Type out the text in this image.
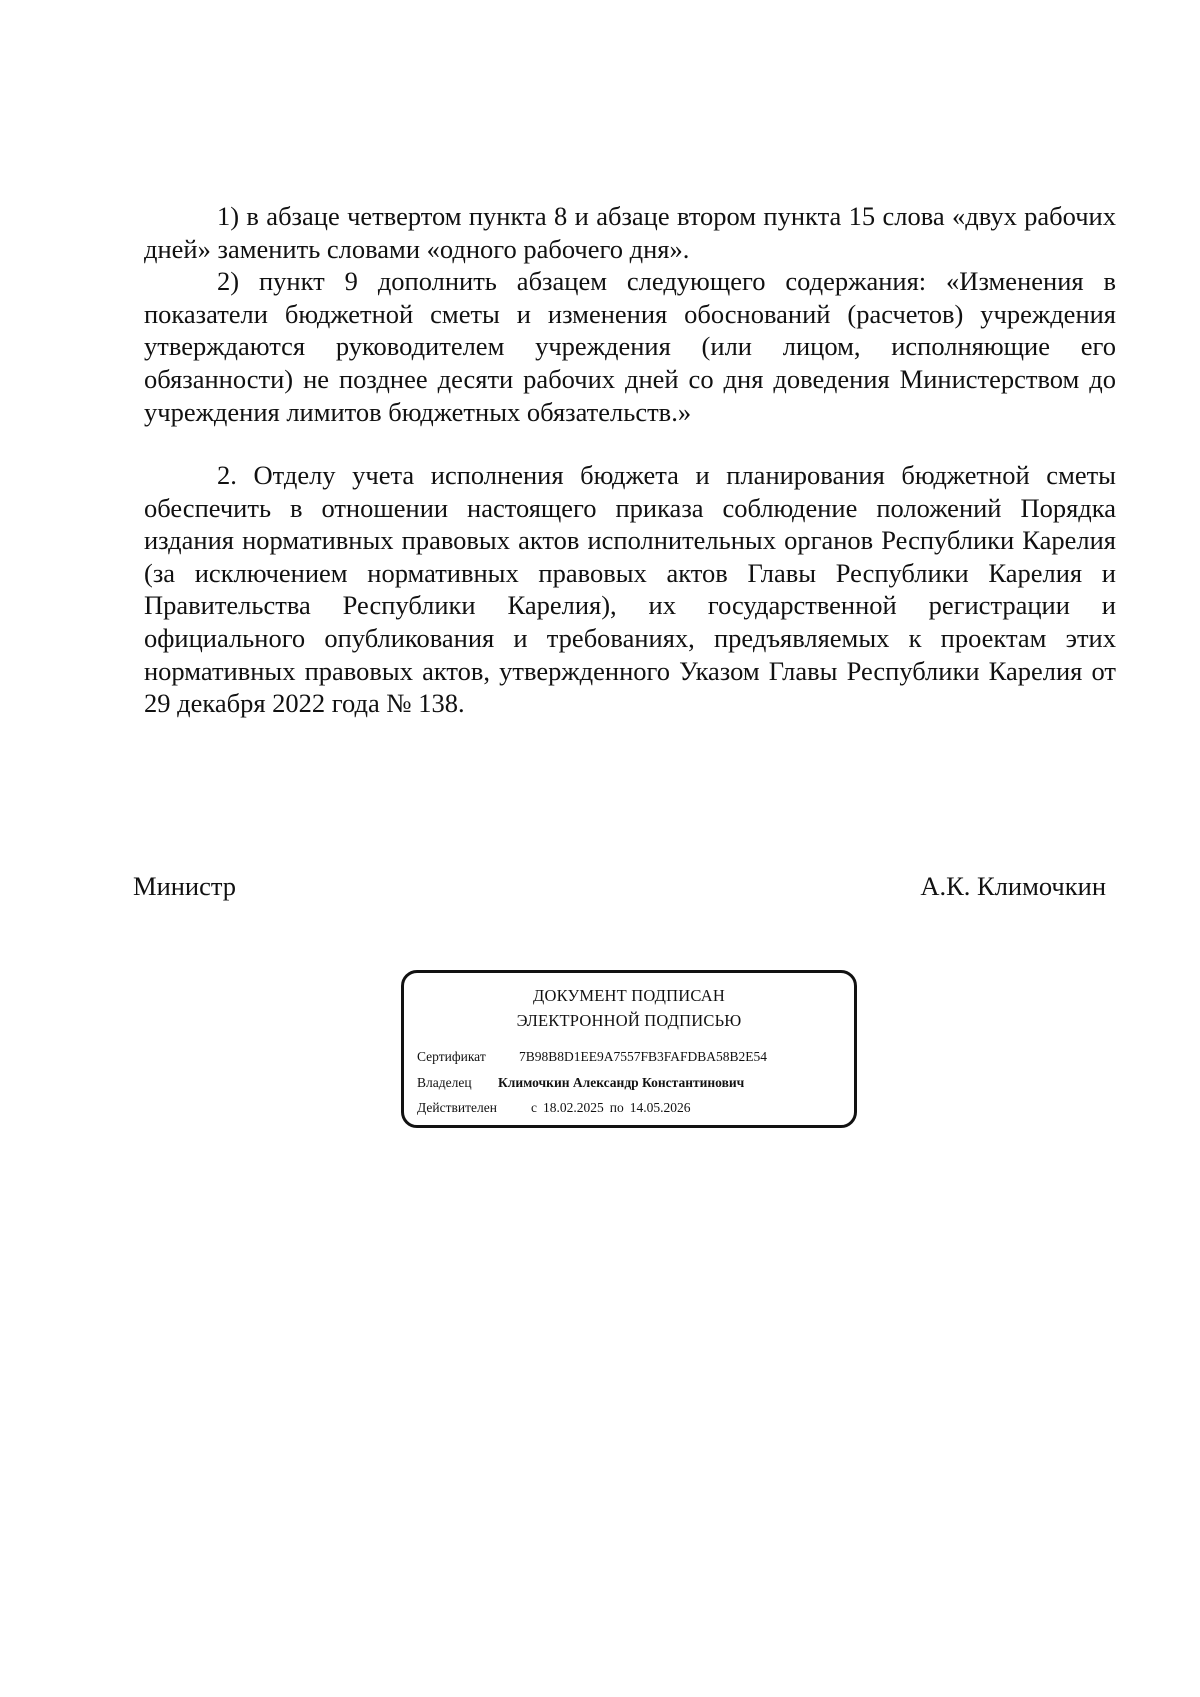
1) в абзаце четвертом пункта 8 и абзаце втором пункта 15 слова «двух рабочих дней» заменить словами «одного рабочего дня».

2) пункт 9 дополнить абзацем следующего содержания: «Изменения в показатели бюджетной сметы и изменения обоснований (расчетов) учреждения утверждаются руководителем учреждения (или лицом, исполняющие его обязанности) не позднее десяти рабочих дней со дня доведения Министерством до учреждения лимитов бюджетных обязательств.»

2. Отделу учета исполнения бюджета и планирования бюджетной сметы обеспечить в отношении настоящего приказа соблюдение положений Порядка издания нормативных правовых актов исполнительных органов Республики Карелия (за исключением нормативных правовых актов Главы Республики Карелия и Правительства Республики Карелия), их государственной регистрации и официального опубликования и требованиях, предъявляемых к проектам этих нормативных правовых актов, утвержденного Указом Главы Республики Карелия от 29 декабря 2022 года № 138.

Министр	А.К. Климочкин
ДОКУМЕНТ ПОДПИСАН
ЭЛЕКТРОННОЙ ПОДПИСЬЮ
Сертификат 7B98B8D1EE9A7557FB3FAFDBA58B2E54
Владелец Климочкин Александр Константинович
Действителен	с 18.02.2025 по 14.05.2026
